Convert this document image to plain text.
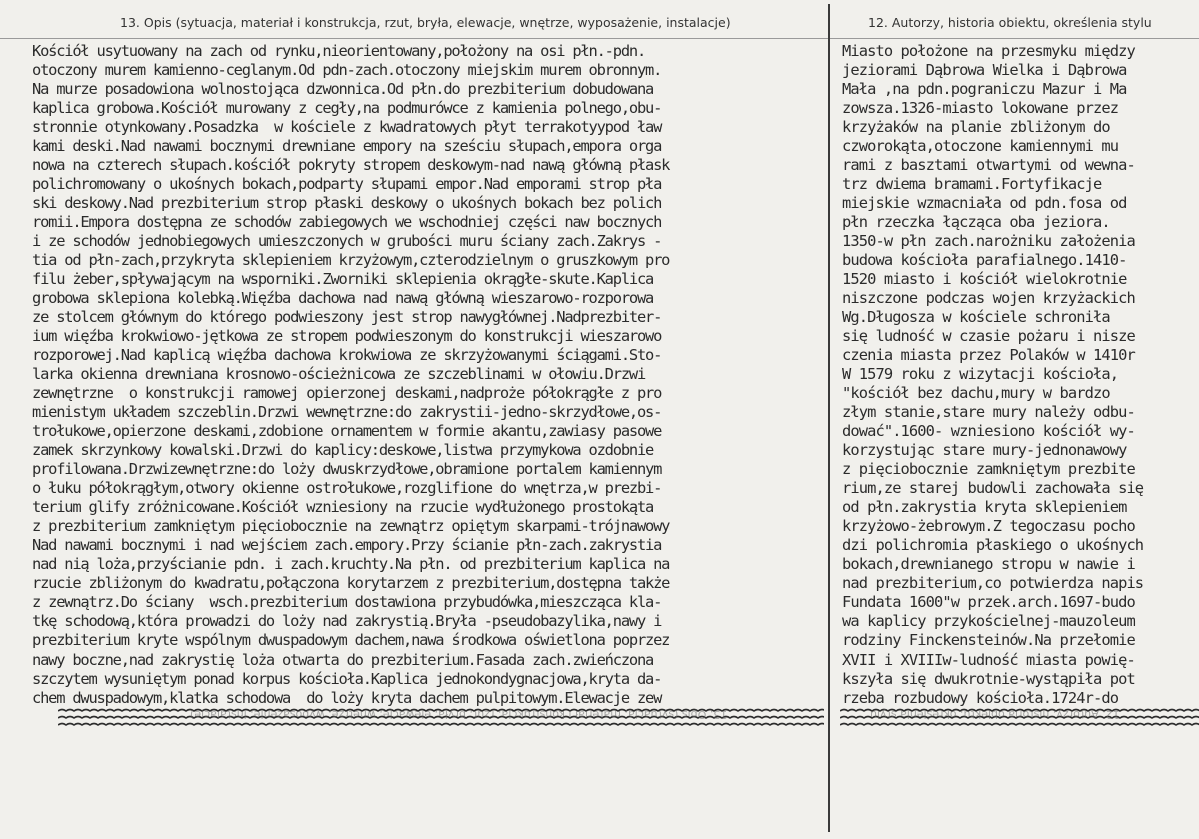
13. Opis (sytuacja, materiał i konstrukcja, rzut, bryła, elewacje, wnętrze, wyposażenie, instalacje)	12. Autorzy, historia obiektu, określenia stylu
Kościół usytuowany na zach od rynku,nieorientowany,położony na osi płn.-pdn.
otoczony murem kamienno-ceglanym.Od pdn-zach.otoczony miejskim murem obronnym.
Na murze posadowiona wolnostojąca dzwonnica.Od płn.do prezbiterium dobudowana
kaplica grobowa.Kościół murowany z cegły,na podmurówce z kamienia polnego,obu-
stronnie otynkowany.Posadzka  w kościele z kwadratowych płyt terrakotyypod ław
kami deski.Nad nawami bocznymi drewniane empory na sześciu słupach,empora orga
nowa na czterech słupach.kościół pokryty stropem deskowym-nad nawą główną płask
polichromowany o ukośnych bokach,podparty słupami empor.Nad emporami strop pła
ski deskowy.Nad prezbiterium strop płaski deskowy o ukośnych bokach bez polich
romii.Empora dostępna ze schodów zabiegowych we wschodniej części naw bocznych
i ze schodów jednobiegowych umieszczonych w grubości muru ściany zach.Zakrys -
tia od płn-zach,przykryta sklepieniem krzyżowym,czterodzielnym o gruszkowym pro
filu żeber,spływającym na wsporniki.Zworniki sklepienia okrągłe-skute.Kaplica
grobowa sklepiona kolebką.Więźba dachowa nad nawą główną wieszarowo-rozporowa
ze stolcem głównym do którego podwieszony jest strop nawygłównej.Nadprezbiter-
ium więźba krokwiowo-jętkowa ze stropem podwieszonym do konstrukcji wieszarowo
rozporowej.Nad kaplicą więźba dachowa krokwiowa ze skrzyżowanymi ściągami.Sto-
larka okienna drewniana krosnowo-ościeżnicowa ze szczeblinami w ołowiu.Drzwi
zewnętrzne  o konstrukcji ramowej opierzonej deskami,nadproże półokrągłe z pro
mienistym układem szczeblin.Drzwi wewnętrzne:do zakrystii-jedno-skrzydłowe,os-
trołukowe,opierzone deskami,zdobione ornamentem w formie akantu,zawiasy pasowe
zamek skrzynkowy kowalski.Drzwi do kaplicy:deskowe,listwa przymykowa ozdobnie
profilowana.Drzwizewnętrzne:do loży dwuskrzydłowe,obramione portalem kamiennym
o łuku półokrągłym,otwory okienne ostrołukowe,rozglifione do wnętrza,w prezbi-
terium glify zróżnicowane.Kościół wzniesiony na rzucie wydłużonego prostokąta
z prezbiterium zamkniętym pięciobocznie na zewnątrz opiętym skarpami-trójnawowy
Nad nawami bocznymi i nad wejściem zach.empory.Przy ścianie płn-zach.zakrystia
nad nią loża,przyścianie pdn. i zach.kruchty.Na płn. od prezbiterium kaplica na
rzucie zbliżonym do kwadratu,połączona korytarzem z prezbiterium,dostępna także
z zewnątrz.Do ściany  wsch.prezbiterium dostawiona przybudówka,mieszcząca kla-
tkę schodową,która prowadzi do loży nad zakrystią.Bryła -pseudobazylika,nawy i
prezbiterium kryte wspólnym dwuspadowym dachem,nawa środkowa oświetlona poprzez
nawy boczne,nad zakrystię loża otwarta do prezbiterium.Fasada zach.zwieńczona
szczytem wysuniętym ponad korpus kościoła.Kaplica jednokondygnacjowa,kryta da-
chem dwuspadowym,klatka schodowa  do loży kryta dachem pulpitowym.Elewacje zew
Miasto położone na przesmyku między
jeziorami Dąbrowa Wielka i Dąbrowa
Mała ,na pdn.pograniczu Mazur i Ma
zowsza.1326-miasto lokowane przez
krzyżaków na planie zbliżonym do
czworokąta,otoczone kamiennymi mu
rami z basztami otwartymi od wewna-
trz dwiema bramami.Fortyfikacje
miejskie wzmacniała od pdn.fosa od
płn rzeczka łącząca oba jeziora.
1350-w płn zach.narożniku założenia
budowa kościoła parafialnego.1410-
1520 miasto i kościół wielokrotnie
niszczone podczas wojen krzyżackich
Wg.Długosza w kościele schroniła
się ludność w czasie pożaru i nisze
czenia miasta przez Polaków w 1410r
W 1579 roku z wizytacji kościoła,
"kościół bez dachu,mury w bardzo
złym stanie,stare mury należy odbu-
dować".1600- wzniesiono kościół wy-
korzystując stare mury-jednonawowy
z pięciobocznie zamkniętym prezbite
rium,ze starej budowli zachowała się
od płn.zakrystia kryta sklepieniem
krzyżowo-żebrowym.Z tegoczasu pocho
dzi polichromia płaskiego o ukośnych
bokach,drewnianego stropu w nawie i
nad prezbiterium,co potwierdza napis
Fundata 1600"w przek.arch.1697-budo
wa kaplicy przykościelnej-mauzoleum
rodziny Finckensteinów.Na przełomie
XVII i XVIIIw-ludność miasta powię-
kszyła się dwukrotnie-wystąpiła pot
rzeba rozbudowy kościoła.1724r-do
13. Opis (sytuacja, materiał i konstrukcja, rzut, bryła, elewacje, wnętrze, wyposażenie, instalacje)	12. Autorzy, historia obiektu, określenia stylu
